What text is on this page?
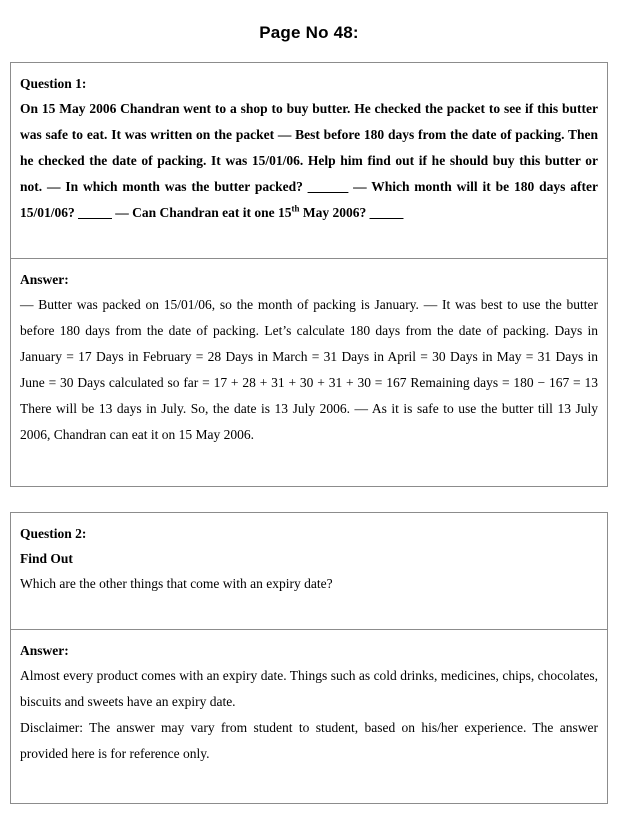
Page No 48:
Question 1:
On 15 May 2006 Chandran went to a shop to buy butter. He checked the packet to see if this butter was safe to eat. It was written on the packet — Best before 180 days from the date of packing. Then he checked the date of packing. It was 15/01/06. Help him find out if he should buy this butter or not. — In which month was the butter packed? ______ — Which month will it be 180 days after 15/01/06? _____ — Can Chandran eat it one 15th May 2006? _____
Answer:
— Butter was packed on 15/01/06, so the month of packing is January. — It was best to use the butter before 180 days from the date of packing. Let’s calculate 180 days from the date of packing. Days in January = 17 Days in February = 28 Days in March = 31 Days in April = 30 Days in May = 31 Days in June = 30 Days calculated so far = 17 + 28 + 31 + 30 + 31 + 30 = 167 Remaining days = 180 − 167 = 13 There will be 13 days in July. So, the date is 13 July 2006. — As it is safe to use the butter till 13 July 2006, Chandran can eat it on 15 May 2006.
Question 2:
Find Out
Which are the other things that come with an expiry date?
Answer:
Almost every product comes with an expiry date. Things such as cold drinks, medicines, chips, chocolates, biscuits and sweets have an expiry date.
Disclaimer: The answer may vary from student to student, based on his/her experience. The answer provided here is for reference only.
